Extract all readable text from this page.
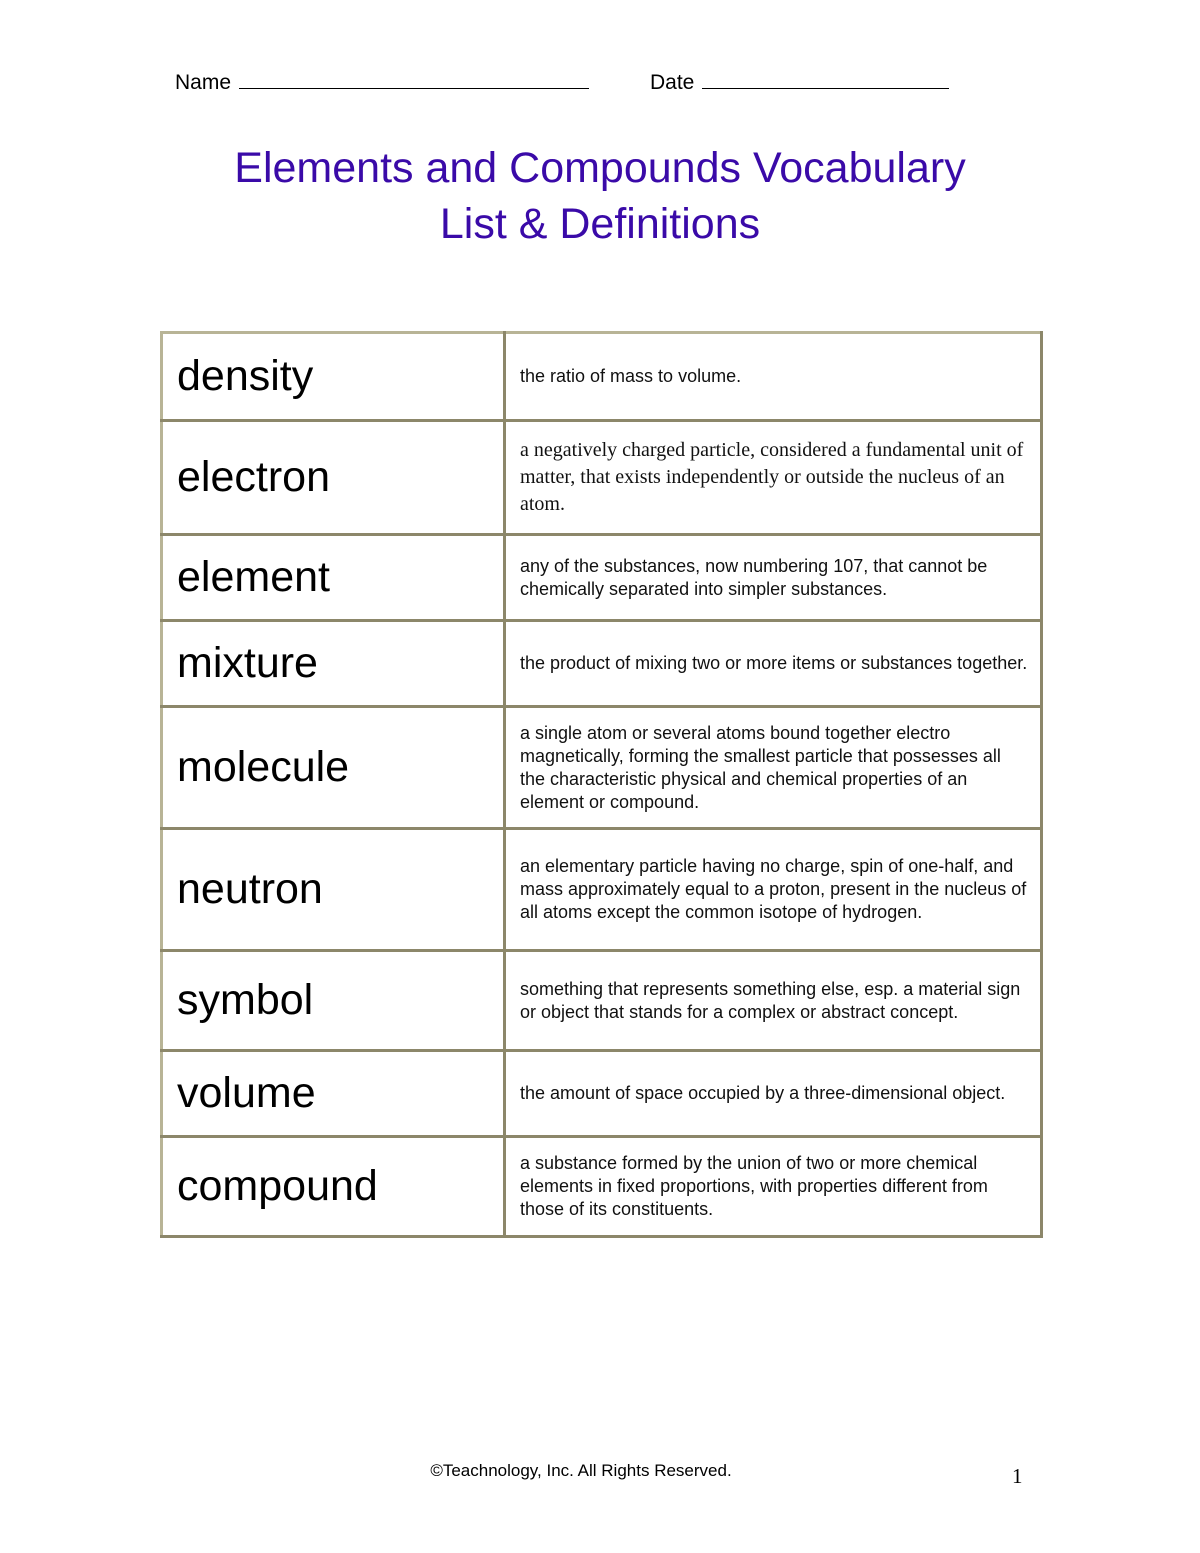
Name	Date
Elements and Compounds Vocabulary
List & Definitions
density	the ratio of mass to volume.
electron	a negatively charged particle, considered a fundamental unit of matter, that exists independently or outside the nucleus of an atom.
element	any of the substances, now numbering 107, that cannot be chemically separated into simpler substances.
mixture	the product of mixing two or more items or substances together.
molecule	a single atom or several atoms bound together electro magnetically, forming the smallest particle that possesses all the characteristic physical and chemical properties of an element or compound.
neutron	an elementary particle having no charge, spin of one-half, and mass approximately equal to a proton, present in the nucleus of all atoms except the common isotope of hydrogen.
symbol	something that represents something else, esp. a material sign or object that stands for a complex or abstract concept.
volume	the amount of space occupied by a three-dimensional object.
compound	a substance formed by the union of two or more chemical elements in fixed proportions, with properties different from those of its constituents.
©Teachnology, Inc. All Rights Reserved.	1
